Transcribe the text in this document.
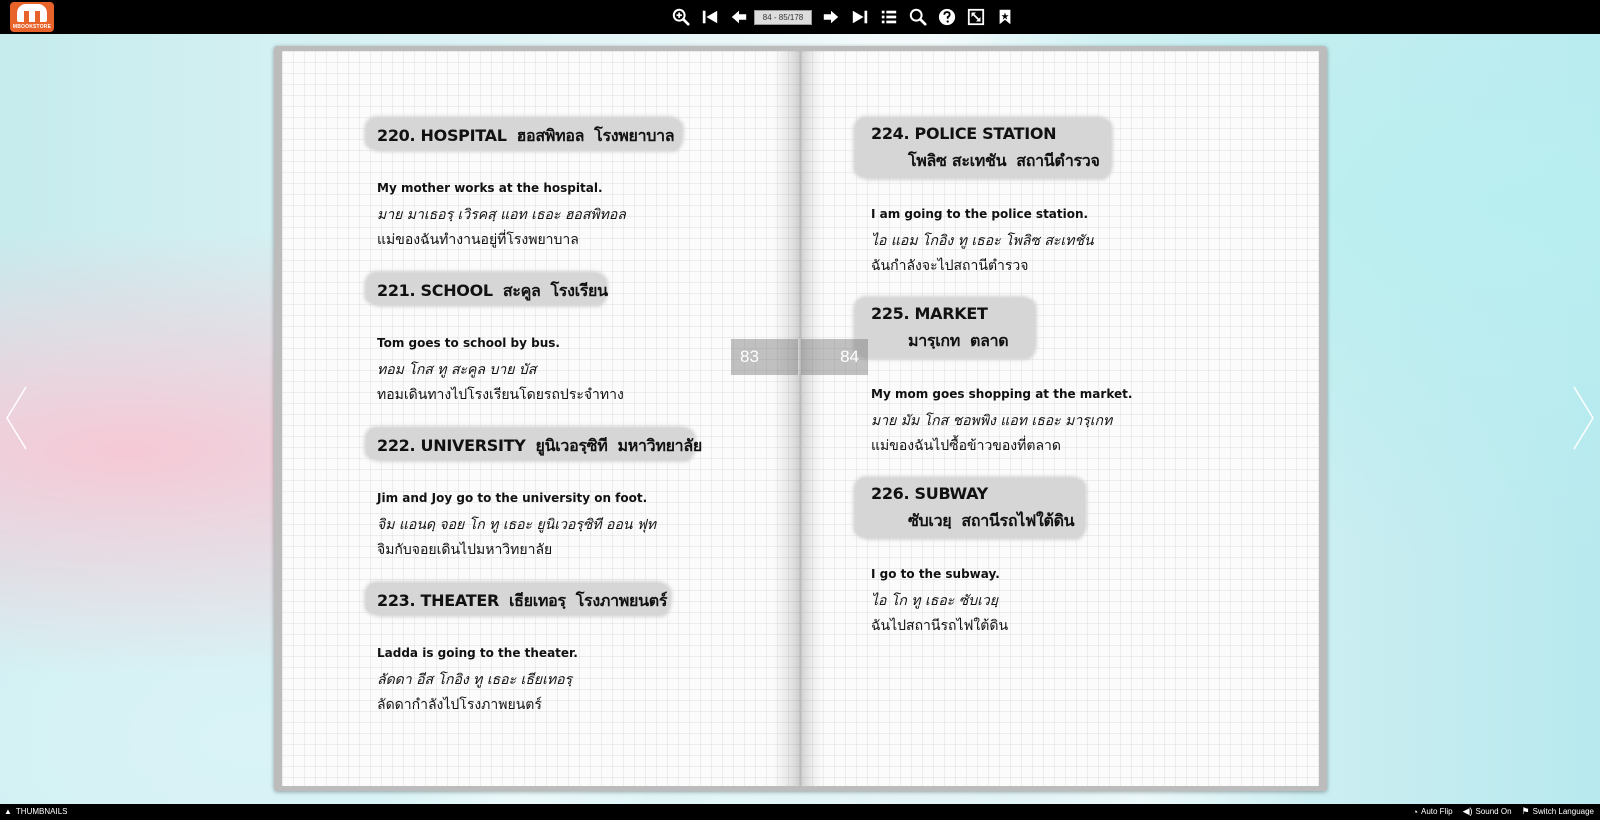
MBOOKSTORE
84 - 85/178
220. HOSPITAL ฮอสพิทอล โรงพยาบาล
My mother works at the hospital.
มาย มาเธอรฺ เวิรคสฺ แอท เธอะ ฮอสพิทอล
แม่ของฉันทำงานอยู่ที่โรงพยาบาล
221. SCHOOL สะคูล โรงเรียน
Tom goes to school by bus.
ทอม โกส ทู สะคูล บาย บัส
ทอมเดินทางไปโรงเรียนโดยรถประจำทาง
222. UNIVERSITY ยูนิเวอรฺซิที มหาวิทยาลัย
Jim and Joy go to the university on foot.
จิม แอนดฺ จอย โก ทู เธอะ ยูนิเวอรฺซิที ออน ฟุท
จิมกับจอยเดินไปมหาวิทยาลัย
223. THEATER เธียเทอรฺ โรงภาพยนตร์
Ladda is going to the theater.
ลัดดา อีส โกอิง ทู เธอะ เธียเทอรฺ
ลัดดากำลังไปโรงภาพยนตร์
224. POLICE STATION
โพลิซ สะเทชัน สถานีตำรวจ
I am going to the police station.
ไอ แอม โกอิง ทู เธอะ โพลิซ สะเทชัน
ฉันกำลังจะไปสถานีตำรวจ
225. MARKET
มารฺเกท ตลาด
My mom goes shopping at the market.
มาย มัม โกส ชอพพิง แอท เธอะ มารฺเกท
แม่ของฉันไปซื้อข้าวของที่ตลาด
226. SUBWAY
ซับเวยฺ สถานีรถไฟใต้ดิน
I go to the subway.
ไอ โก ทู เธอะ ซับเวยฺ
ฉันไปสถานีรถไฟใต้ดิน
83	84
▲ THUMBNAILS	◔ Auto Flip ◀) Sound On ⚑ Switch Language
